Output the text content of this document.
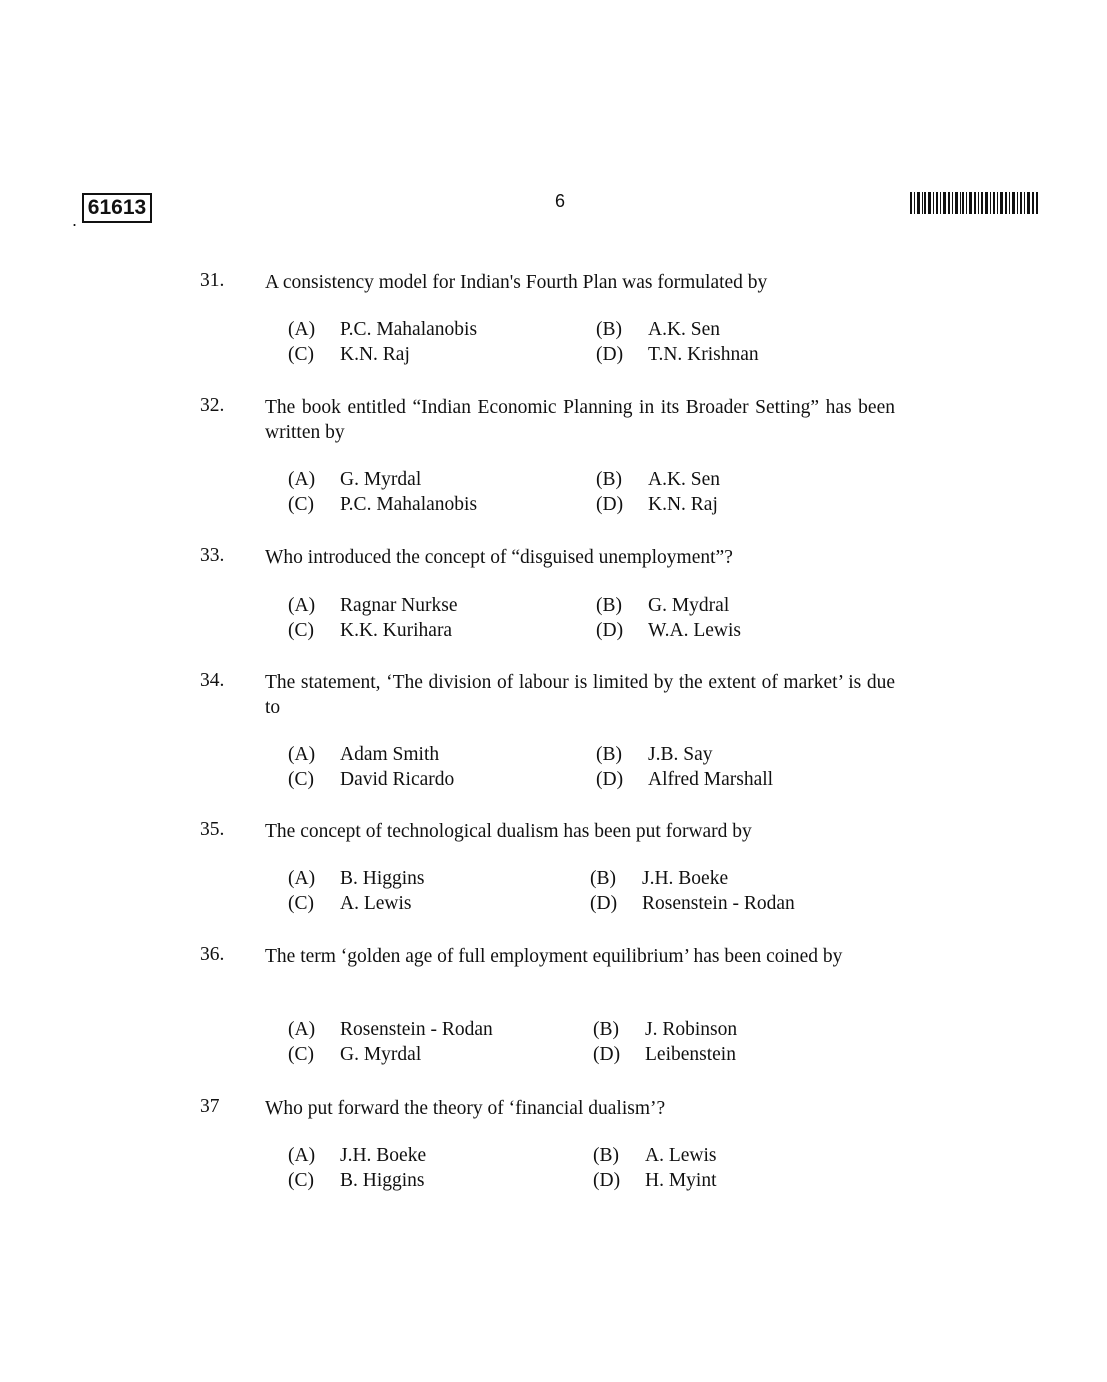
.
61613	6
31. A consistency model for Indian's Fourth Plan was formulated by
(A) P.C. Mahalanobis	(B) A.K. Sen
(C) K.N. Raj	(D) T.N. Krishnan
32. The book entitled “Indian Economic Planning in its Broader Setting” has been written by
(A) G. Myrdal	(B) A.K. Sen
(C) P.C. Mahalanobis	(D) K.N. Raj
33. Who introduced the concept of “disguised unemployment”?
(A) Ragnar Nurkse	(B) G. Mydral
(C) K.K. Kurihara	(D) W.A. Lewis
34. The statement, ‘The division of labour is limited by the extent of market’ is due to
(A) Adam Smith	(B) J.B. Say
(C) David Ricardo	(D) Alfred Marshall
35. The concept of technological dualism has been put forward by
(A) B. Higgins	(B) J.H. Boeke
(C) A. Lewis	(D) Rosenstein - Rodan
36. The term ‘golden age of full employment equilibrium’ has been coined by
(A) Rosenstein - Rodan	(B) J. Robinson
(C) G. Myrdal	(D) Leibenstein
37 Who put forward the theory of ‘financial dualism’?
(A) J.H. Boeke	(B) A. Lewis
(C) B. Higgins	(D) H. Myint
